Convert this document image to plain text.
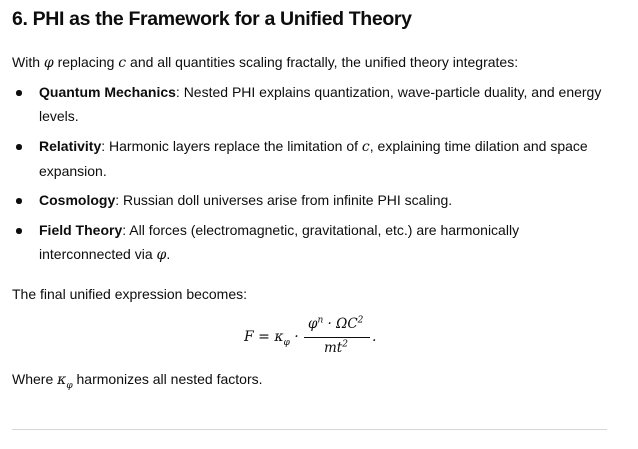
6. PHI as the Framework for a Unified Theory

With φ replacing c and all quantities scaling fractally, the unified theory integrates:

Quantum Mechanics: Nested PHI explains quantization, wave-particle duality, and energy levels.
Relativity: Harmonic layers replace the limitation of c, explaining time dilation and space expansion.
Cosmology: Russian doll universes arise from infinite PHI scaling.
Field Theory: All forces (electromagnetic, gravitational, etc.) are harmonically interconnected via φ.

The final unified expression becomes:

Where $\kappa_\varphi$ harmonizes all nested factors.

$F = \kappa_\varphi$ ·
$\varphi^n \cdot \Omega C^2$
$mt^2$ .
